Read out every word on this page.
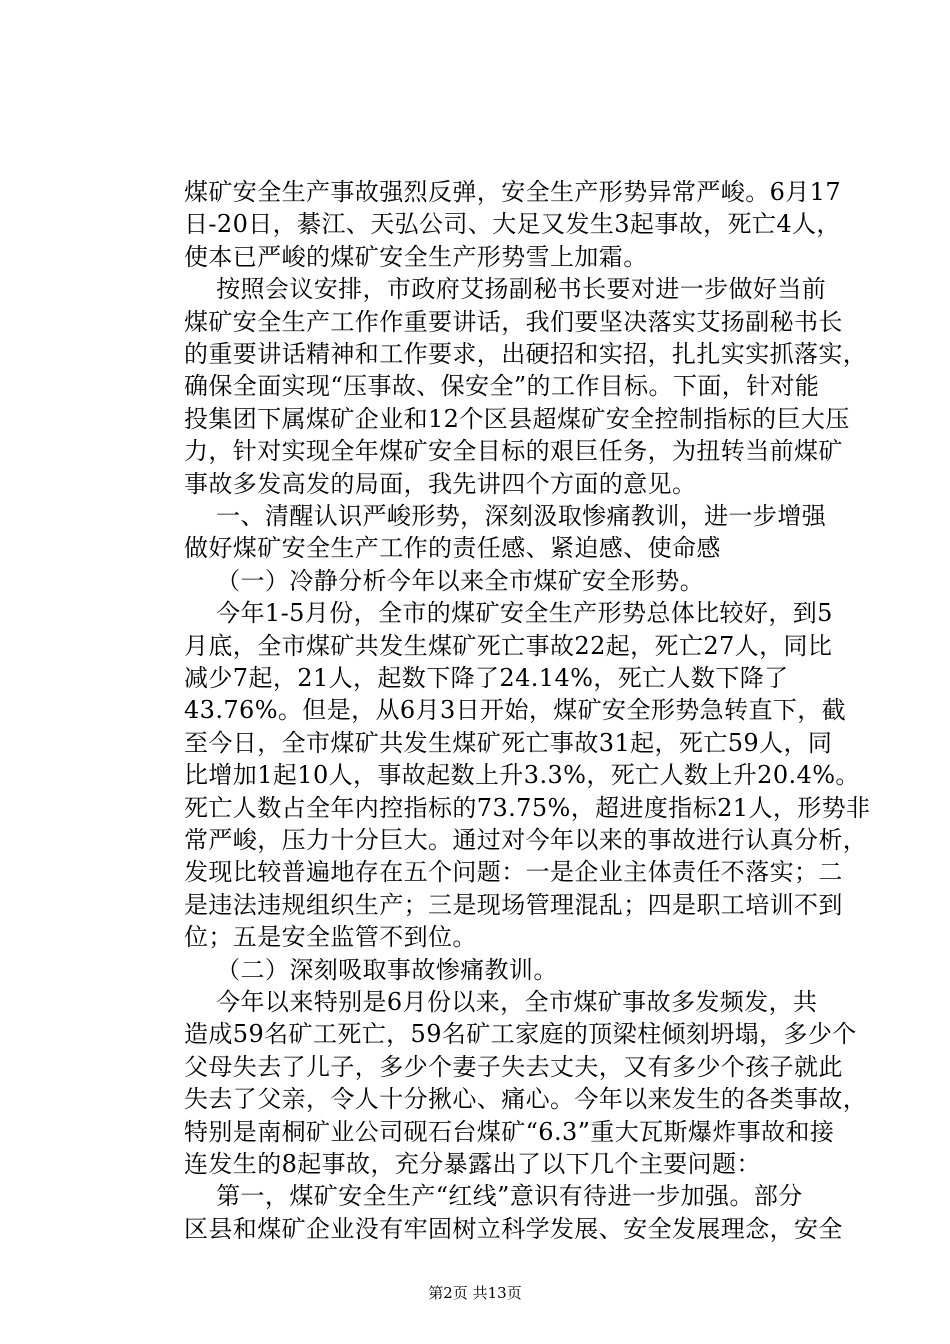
煤矿安全生产事故强烈反弹，安全生产形势异常严峻。6月17
日-20日，綦江、天弘公司、大足又发生3起事故，死亡4人，
使本已严峻的煤矿安全生产形势雪上加霜。
按照会议安排，市政府艾扬副秘书长要对进一步做好当前
煤矿安全生产工作作重要讲话，我们要坚决落实艾扬副秘书长
的重要讲话精神和工作要求，出硬招和实招，扎扎实实抓落实，
确保全面实现“压事故、保安全”的工作目标。下面，针对能
投集团下属煤矿企业和12个区县超煤矿安全控制指标的巨大压
力，针对实现全年煤矿安全目标的艰巨任务，为扭转当前煤矿
事故多发高发的局面，我先讲四个方面的意见。
一、清醒认识严峻形势，深刻汲取惨痛教训，进一步增强
做好煤矿安全生产工作的责任感、紧迫感、使命感
（一）冷静分析今年以来全市煤矿安全形势。
今年1-5月份，全市的煤矿安全生产形势总体比较好，到5
月底，全市煤矿共发生煤矿死亡事故22起，死亡27人，同比
减少7起，21人，起数下降了24.14%，死亡人数下降了
43.76%。但是，从6月3日开始，煤矿安全形势急转直下，截
至今日，全市煤矿共发生煤矿死亡事故31起，死亡59人，同
比增加1起10人，事故起数上升3.3%，死亡人数上升20.4%。
死亡人数占全年内控指标的73.75%，超进度指标21人，形势非
常严峻，压力十分巨大。通过对今年以来的事故进行认真分析，
发现比较普遍地存在五个问题：一是企业主体责任不落实；二
是违法违规组织生产；三是现场管理混乱；四是职工培训不到
位；五是安全监管不到位。
（二）深刻吸取事故惨痛教训。
今年以来特别是6月份以来，全市煤矿事故多发频发，共
造成59名矿工死亡，59名矿工家庭的顶梁柱倾刻坍塌，多少个
父母失去了儿子，多少个妻子失去丈夫，又有多少个孩子就此
失去了父亲，令人十分揪心、痛心。今年以来发生的各类事故，
特别是南桐矿业公司砚石台煤矿“6.3”重大瓦斯爆炸事故和接
连发生的8起事故，充分暴露出了以下几个主要问题：
第一，煤矿安全生产“红线”意识有待进一步加强。部分
区县和煤矿企业没有牢固树立科学发展、安全发展理念，安全
第2页 共13页
